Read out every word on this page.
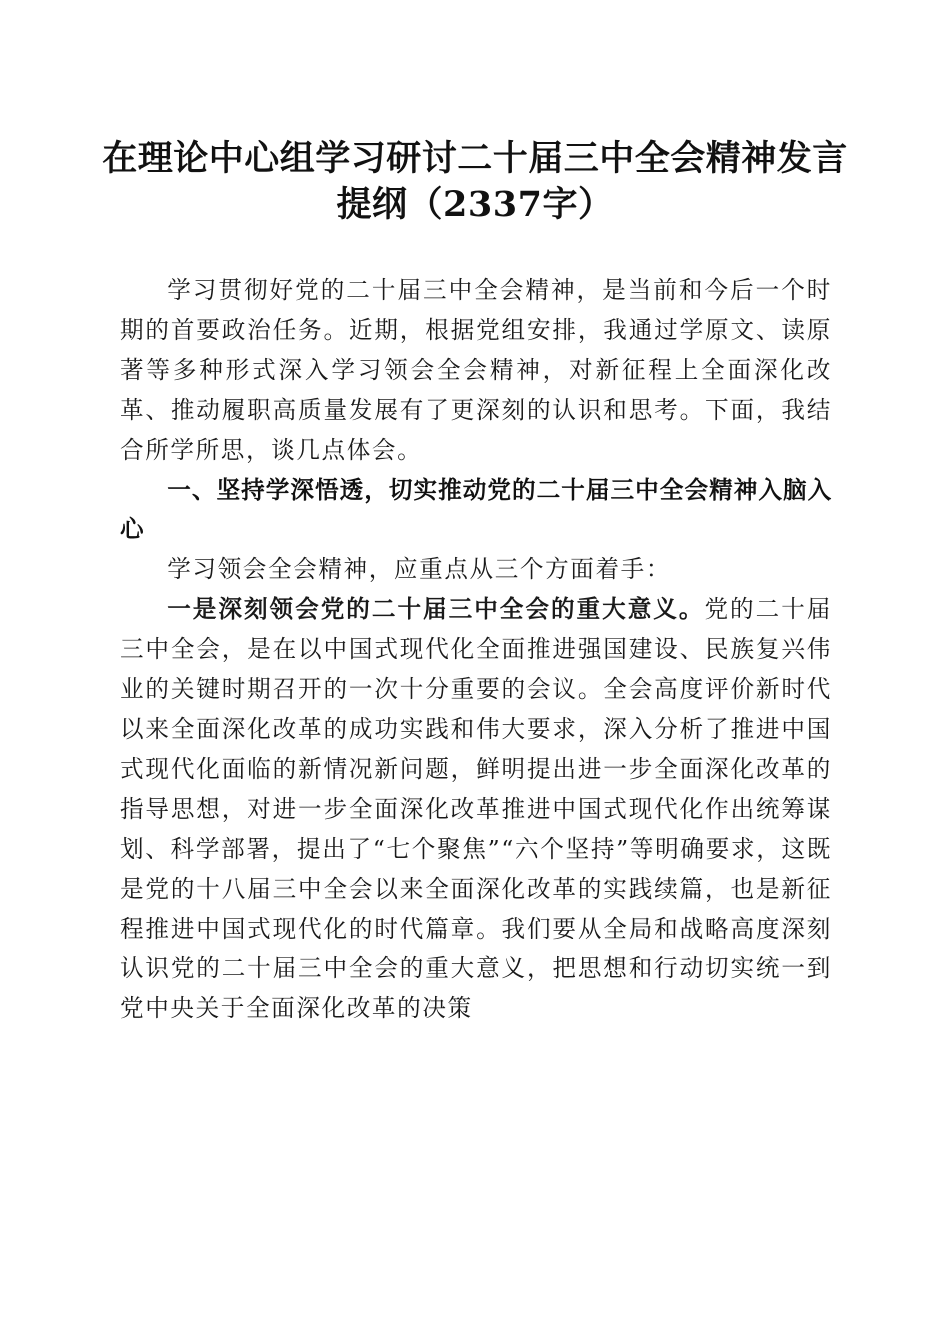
在理论中心组学习研讨二十届三中全会精神发言提纲（2337字）

学习贯彻好党的二十届三中全会精神，是当前和今后一个时期的首要政治任务。近期，根据党组安排，我通过学原文、读原著等多种形式深入学习领会全会精神，对新征程上全面深化改革、推动履职高质量发展有了更深刻的认识和思考。下面，我结合所学所思，谈几点体会。

一、坚持学深悟透，切实推动党的二十届三中全会精神入脑入心

学习领会全会精神，应重点从三个方面着手：

一是深刻领会党的二十届三中全会的重大意义。党的二十届三中全会，是在以中国式现代化全面推进强国建设、民族复兴伟业的关键时期召开的一次十分重要的会议。全会高度评价新时代以来全面深化改革的成功实践和伟大要求，深入分析了推进中国式现代化面临的新情况新问题，鲜明提出进一步全面深化改革的指导思想，对进一步全面深化改革推进中国式现代化作出统筹谋划、科学部署，提出了“七个聚焦”“六个坚持”等明确要求，这既是党的十八届三中全会以来全面深化改革的实践续篇，也是新征程推进中国式现代化的时代篇章。我们要从全局和战略高度深刻认识党的二十届三中全会的重大意义，把思想和行动切实统一到党中央关于全面深化改革的决策
